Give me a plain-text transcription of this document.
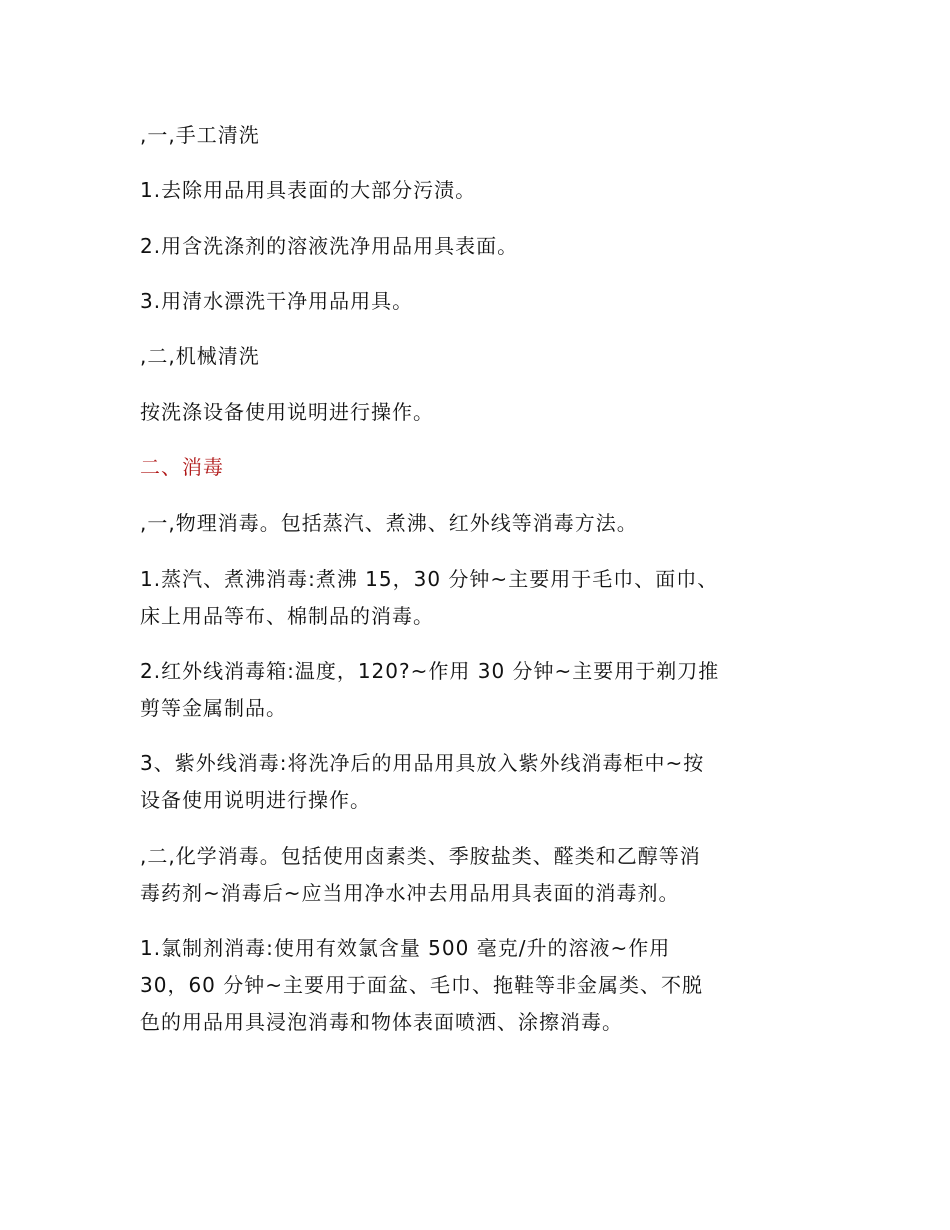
,一,手工清洗

1.去除用品用具表面的大部分污渍。

2.用含洗涤剂的溶液洗净用品用具表面。

3.用清水漂洗干净用品用具。

,二,机械清洗

按洗涤设备使用说明进行操作。

二、消毒

,一,物理消毒。包括蒸汽、煮沸、红外线等消毒方法。

1.蒸汽、煮沸消毒:煮沸 15，30 分钟~主要用于毛巾、面巾、
床上用品等布、棉制品的消毒。

2.红外线消毒箱:温度，120?~作用 30 分钟~主要用于剃刀推
剪等金属制品。

3、紫外线消毒:将洗净后的用品用具放入紫外线消毒柜中~按
设备使用说明进行操作。

,二,化学消毒。包括使用卤素类、季胺盐类、醛类和乙醇等消
毒药剂~消毒后~应当用净水冲去用品用具表面的消毒剂。

1.氯制剂消毒:使用有效氯含量 500 毫克/升的溶液~作用
30，60 分钟~主要用于面盆、毛巾、拖鞋等非金属类、不脱
色的用品用具浸泡消毒和物体表面喷洒、涂擦消毒。
